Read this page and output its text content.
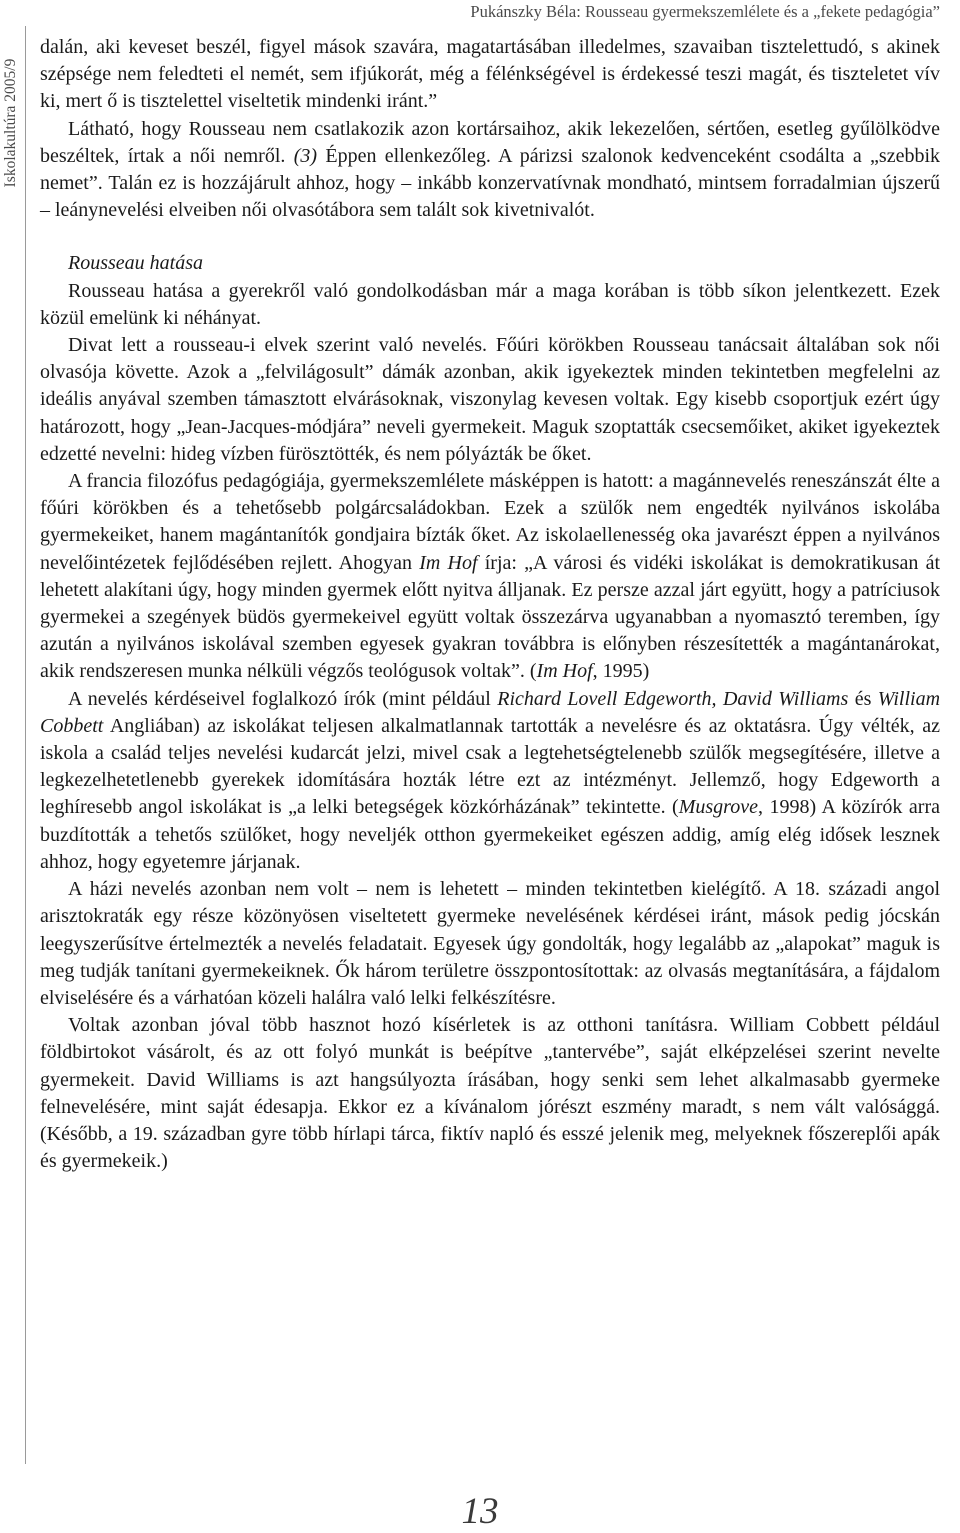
Pukánszky Béla: Rousseau gyermekszemlélete és a „fekete pedagógia”
Iskolakultúra 2005/9

dalán, aki keveset beszél, figyel mások szavára, magatartásában illedelmes, szavaiban tisztelettudó, s akinek szépsége nem feledteti el nemét, sem ifjúkorát, még a félénkségével is érdekessé teszi magát, és tiszteletet vív ki, mert ő is tisztelettel viseltetik mindenki iránt.”

Látható, hogy Rousseau nem csatlakozik azon kortársaihoz, akik lekezelően, sértően, esetleg gyűlölködve beszéltek, írtak a női nemről. (3) Éppen ellenkezőleg. A párizsi szalonok kedvenceként csodálta a „szebbik nemet”. Talán ez is hozzájárult ahhoz, hogy – inkább konzervatívnak mondható, mintsem forradalmian újszerű – leánynevelési elveiben női olvasótábora sem talált sok kivetnivalót.

Rousseau hatása

Rousseau hatása a gyerekről való gondolkodásban már a maga korában is több síkon jelentkezett. Ezek közül emelünk ki néhányat.

Divat lett a rousseau-i elvek szerint való nevelés. Főúri körökben Rousseau tanácsait általában sok női olvasója követte. Azok a „felvilágosult” dámák azonban, akik igyekeztek minden tekintetben megfelelni az ideális anyával szemben támasztott elvárásoknak, viszonylag kevesen voltak. Egy kisebb csoportjuk ezért úgy határozott, hogy „Jean-Jacques-módjára” neveli gyermekeit. Maguk szoptatták csecsemőiket, akiket igyekeztek edzetté nevelni: hideg vízben fürösztötték, és nem pólyázták be őket.

A francia filozófus pedagógiája, gyermekszemlélete másképpen is hatott: a magánnevelés reneszánszát élte a főúri körökben és a tehetősebb polgárcsaládokban. Ezek a szülők nem engedték nyilvános iskolába gyermekeiket, hanem magántanítók gondjaira bízták őket. Az iskolaellenesség oka javarészt éppen a nyilvános nevelőintézetek fejlődésében rejlett. Ahogyan Im Hof írja: „A városi és vidéki iskolákat is demokratikusan át lehetett alakítani úgy, hogy minden gyermek előtt nyitva álljanak. Ez persze azzal járt együtt, hogy a patríciusok gyermekei a szegények büdös gyermekeivel együtt voltak összezárva ugyanabban a nyomasztó teremben, így azután a nyilvános iskolával szemben egyesek gyakran továbbra is előnyben részesítették a magántanárokat, akik rendszeresen munka nélküli végzős teológusok voltak”. (Im Hof, 1995)

A nevelés kérdéseivel foglalkozó írók (mint például Richard Lovell Edgeworth, David Williams és William Cobbett Angliában) az iskolákat teljesen alkalmatlannak tartották a nevelésre és az oktatásra. Úgy vélték, az iskola a család teljes nevelési kudarcát jelzi, mivel csak a legtehetségtelenebb szülők megsegítésére, illetve a legkezelhetetlenebb gyerekek idomítására hozták létre ezt az intézményt. Jellemző, hogy Edgeworth a leghíresebb angol iskolákat is „a lelki betegségek közkórházának” tekintette. (Musgrove, 1998) A közírók arra buzdították a tehetős szülőket, hogy neveljék otthon gyermekeiket egészen addig, amíg elég idősek lesznek ahhoz, hogy egyetemre járjanak.

A házi nevelés azonban nem volt – nem is lehetett – minden tekintetben kielégítő. A 18. századi angol arisztokraták egy része közönyösen viseltetett gyermeke nevelésének kérdései iránt, mások pedig jócskán leegyszerűsítve értelmezték a nevelés feladatait. Egyesek úgy gondolták, hogy legalább az „alapokat” maguk is meg tudják tanítani gyermekeiknek. Ők három területre összpontosítottak: az olvasás megtanítására, a fájdalom elviselésére és a várhatóan közeli halálra való lelki felkészítésre.

Voltak azonban jóval több hasznot hozó kísérletek is az otthoni tanításra. William Cobbett például földbirtokot vásárolt, és az ott folyó munkát is beépítve „tantervébe”, saját elképzelései szerint nevelte gyermekeit. David Williams is azt hangsúlyozta írásában, hogy senki sem lehet alkalmasabb gyermeke felnevelésére, mint saját édesapja. Ekkor ez a kívánalom jórészt eszmény maradt, s nem vált valósággá. (Később, a 19. században gyre több hírlapi tárca, fiktív napló és esszé jelenik meg, melyeknek főszereplői apák és gyermekeik.)

13
